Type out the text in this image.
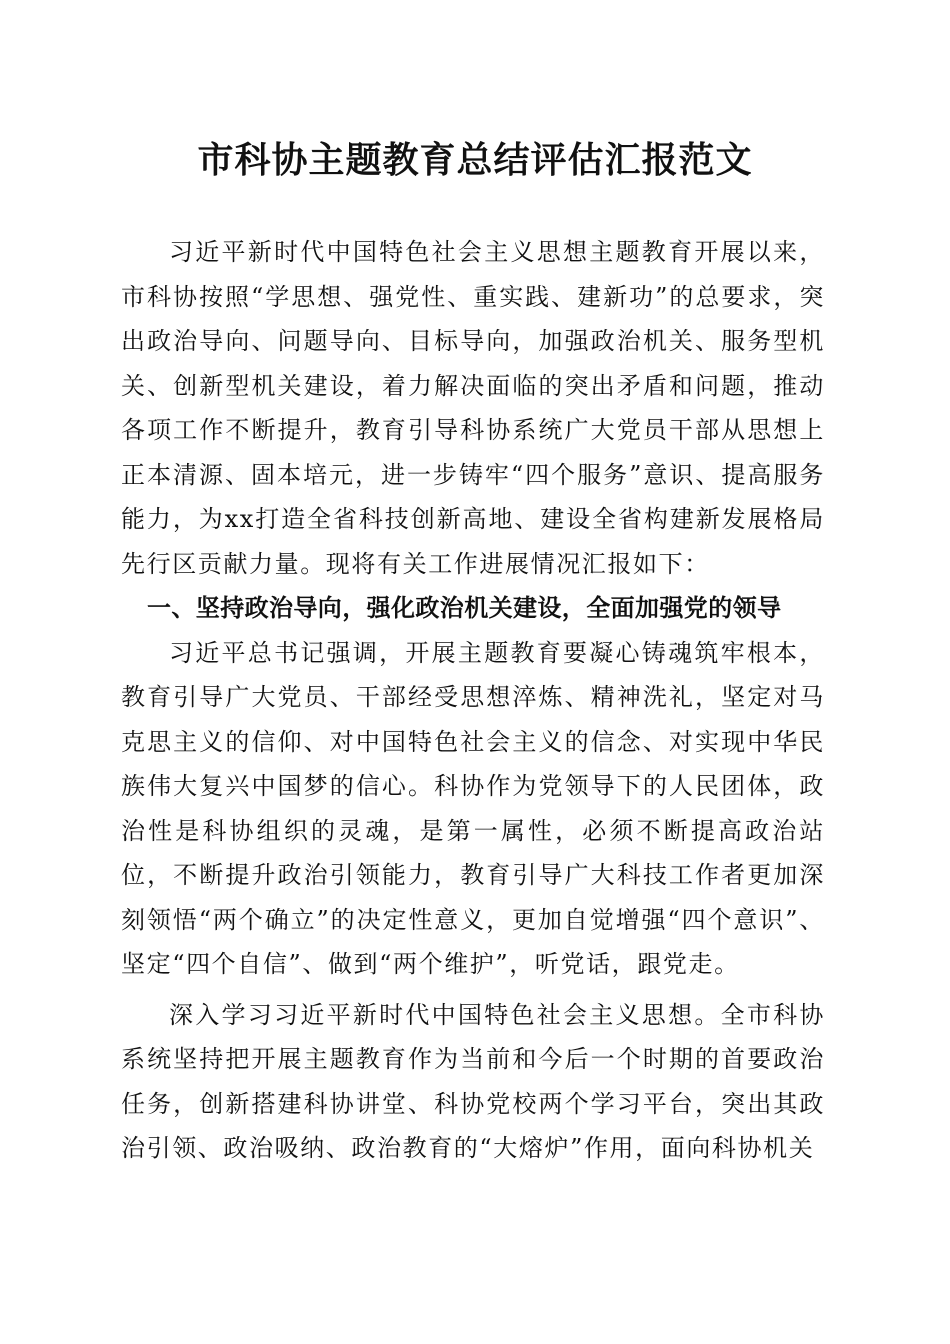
市科协主题教育总结评估汇报范文

习近平新时代中国特色社会主义思想主题教育开展以来，市科协按照“学思想、强党性、重实践、建新功”的总要求，突出政治导向、问题导向、目标导向，加强政治机关、服务型机关、创新型机关建设，着力解决面临的突出矛盾和问题，推动各项工作不断提升，教育引导科协系统广大党员干部从思想上正本清源、固本培元，进一步铸牢“四个服务”意识、提高服务能力，为xx打造全省科技创新高地、建设全省构建新发展格局先行区贡献力量。现将有关工作进展情况汇报如下：

一、坚持政治导向，强化政治机关建设，全面加强党的领导

习近平总书记强调，开展主题教育要凝心铸魂筑牢根本，教育引导广大党员、干部经受思想淬炼、精神洗礼，坚定对马克思主义的信仰、对中国特色社会主义的信念、对实现中华民族伟大复兴中国梦的信心。科协作为党领导下的人民团体，政治性是科协组织的灵魂，是第一属性，必须不断提高政治站位，不断提升政治引领能力，教育引导广大科技工作者更加深刻领悟“两个确立”的决定性意义，更加自觉增强“四个意识”、坚定“四个自信”、做到“两个维护”，听党话，跟党走。

深入学习习近平新时代中国特色社会主义思想。全市科协系统坚持把开展主题教育作为当前和今后一个时期的首要政治任务，创新搭建科协讲堂、科协党校两个学习平台，突出其政治引领、政治吸纳、政治教育的“大熔炉”作用，面向科协机关
